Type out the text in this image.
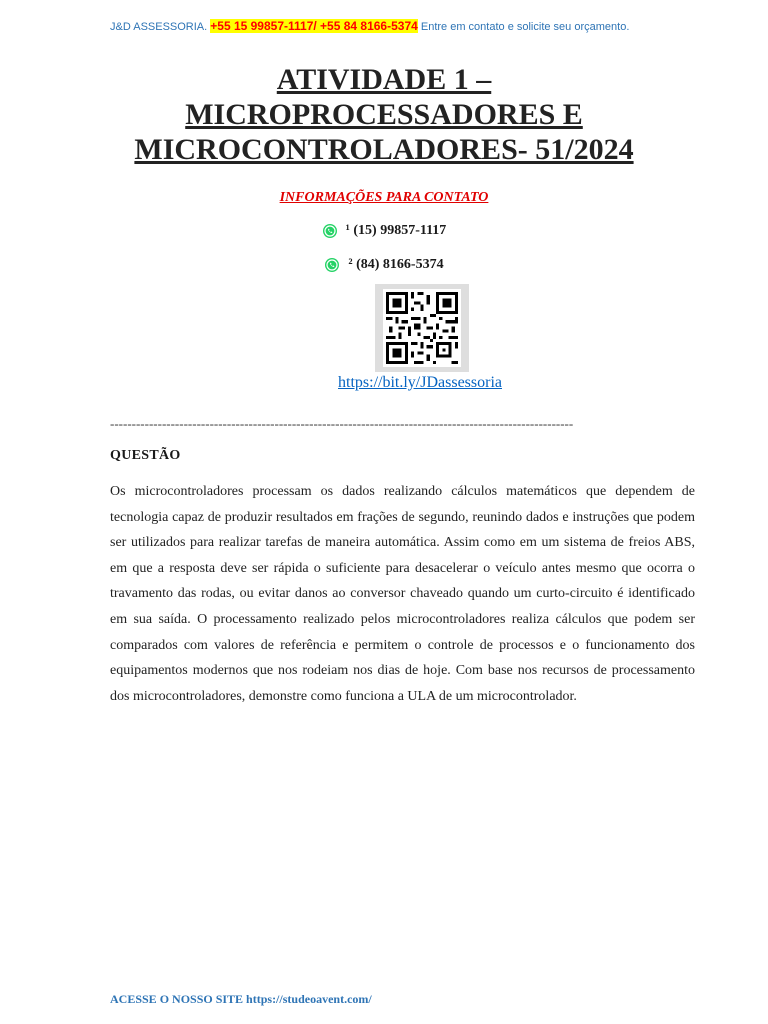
J&D ASSESSORIA. +55 15 99857-1117/ +55 84 8166-5374 Entre em contato e solicite seu orçamento.
ATIVIDADE 1 –
MICROPROCESSADORES E
MICROCONTROLADORES- 51/2024
INFORMAÇÕES PARA CONTATO
¹ (15) 99857-1117
² (84) 8166-5374
https://bit.ly/JDassessoria
-----------------------------------------------------------------------------------------------------------
QUESTÃO

Os microcontroladores processam os dados realizando cálculos matemáticos que dependem de tecnologia capaz de produzir resultados em frações de segundo, reunindo dados e instruções que podem ser utilizados para realizar tarefas de maneira automática. Assim como em um sistema de freios ABS, em que a resposta deve ser rápida o suficiente para desacelerar o veículo antes mesmo que ocorra o travamento das rodas, ou evitar danos ao conversor chaveado quando um curto-circuito é identificado em sua saída. O processamento realizado pelos microcontroladores realiza cálculos que podem ser comparados com valores de referência e permitem o controle de processos e o funcionamento dos equipamentos modernos que nos rodeiam nos dias de hoje. Com base nos recursos de processamento dos microcontroladores, demonstre como funciona a ULA de um microcontrolador.

ACESSE O NOSSO SITE https://studeoavent.com/
